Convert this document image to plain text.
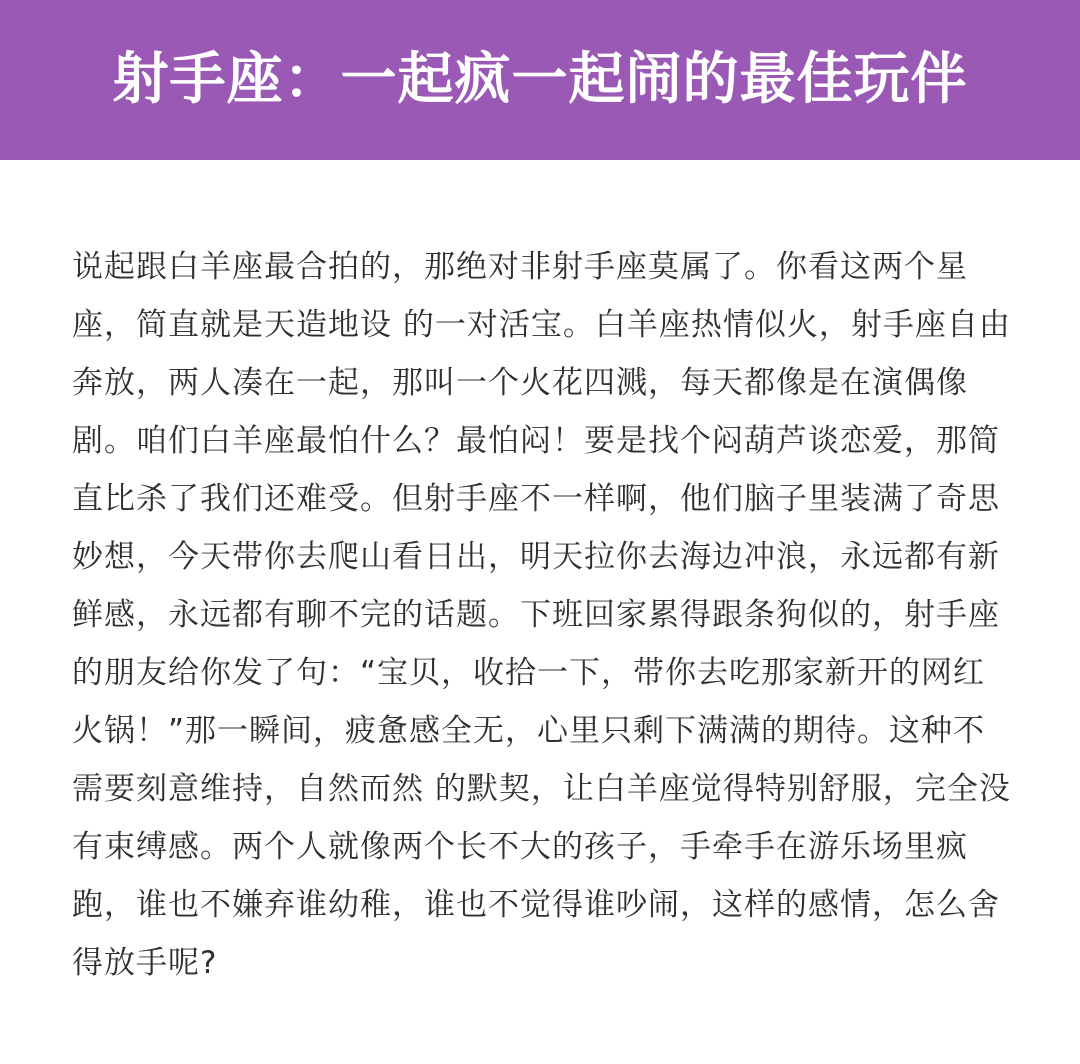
射手座：一起疯一起闹的最佳玩伴

说起跟白羊座最合拍的，那绝对非射手座莫属了。你看这两个星座，简直就是天造地设 的一对活宝。白羊座热情似火，射手座自由奔放，两人凑在一起，那叫一个火花四溅，每天都像是在演偶像剧。咱们白羊座最怕什么？最怕闷！要是找个闷葫芦谈恋爱，那简直比杀了我们还难受。但射手座不一样啊，他们脑子里装满了奇思妙想，今天带你去爬山看日出，明天拉你去海边冲浪，永远都有新鲜感，永远都有聊不完的话题。下班回家累得跟条狗似的，射手座的朋友给你发了句：“宝贝，收拾一下，带你去吃那家新开的网红火锅！”那一瞬间，疲惫感全无，心里只剩下满满的期待。这种不需要刻意维持，自然而然 的默契，让白羊座觉得特别舒服，完全没有束缚感。两个人就像两个长不大的孩子，手牵手在游乐场里疯跑，谁也不嫌弃谁幼稚，谁也不觉得谁吵闹，这样的感情，怎么舍得放手呢?
